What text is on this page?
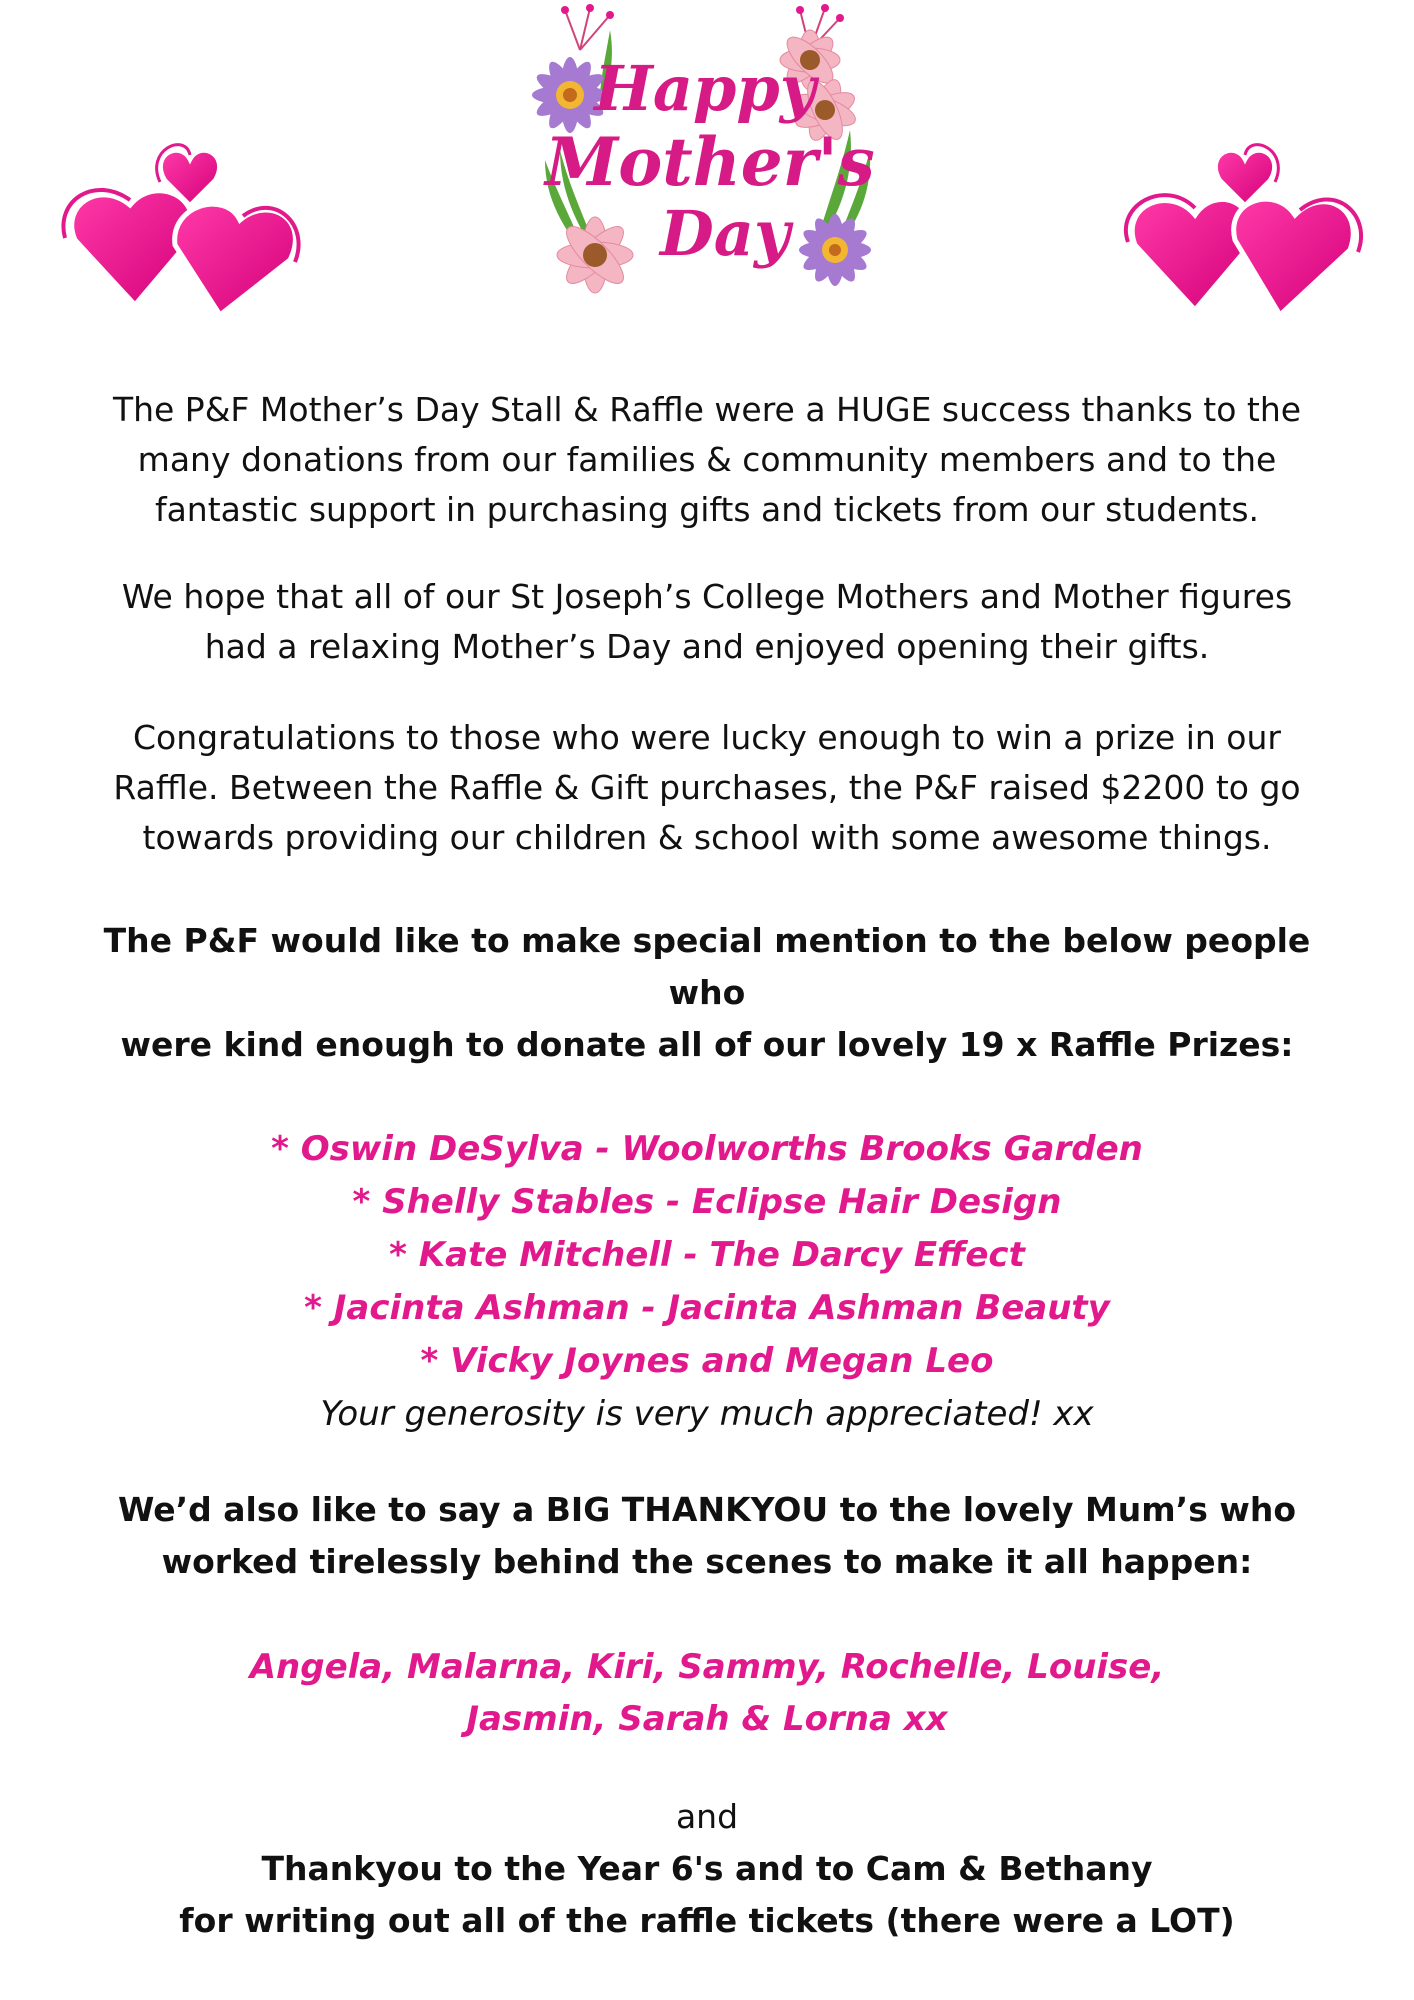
Happy
Mother's
Day
The P&F Mother’s Day Stall & Raffle were a HUGE success thanks to the
many donations from our families & community members and to the
fantastic support in purchasing gifts and tickets from our students.
We hope that all of our St Joseph’s College Mothers and Mother figures
had a relaxing Mother’s Day and enjoyed opening their gifts.
Congratulations to those who were lucky enough to win a prize in our
Raffle. Between the Raffle & Gift purchases, the P&F raised $2200 to go
towards providing our children & school with some awesome things.
The P&F would like to make special mention to the below people who
were kind enough to donate all of our lovely 19 x Raffle Prizes:
* Oswin DeSylva - Woolworths Brooks Garden
* Shelly Stables - Eclipse Hair Design
* Kate Mitchell - The Darcy Effect
* Jacinta Ashman - Jacinta Ashman Beauty
* Vicky Joynes and Megan Leo
Your generosity is very much appreciated! xx
We’d also like to say a BIG THANKYOU to the lovely Mum’s who
worked tirelessly behind the scenes to make it all happen:
Angela, Malarna, Kiri, Sammy, Rochelle, Louise,
Jasmin, Sarah & Lorna xx
and
Thankyou to the Year 6's and to Cam & Bethany
for writing out all of the raffle tickets (there were a LOT)
